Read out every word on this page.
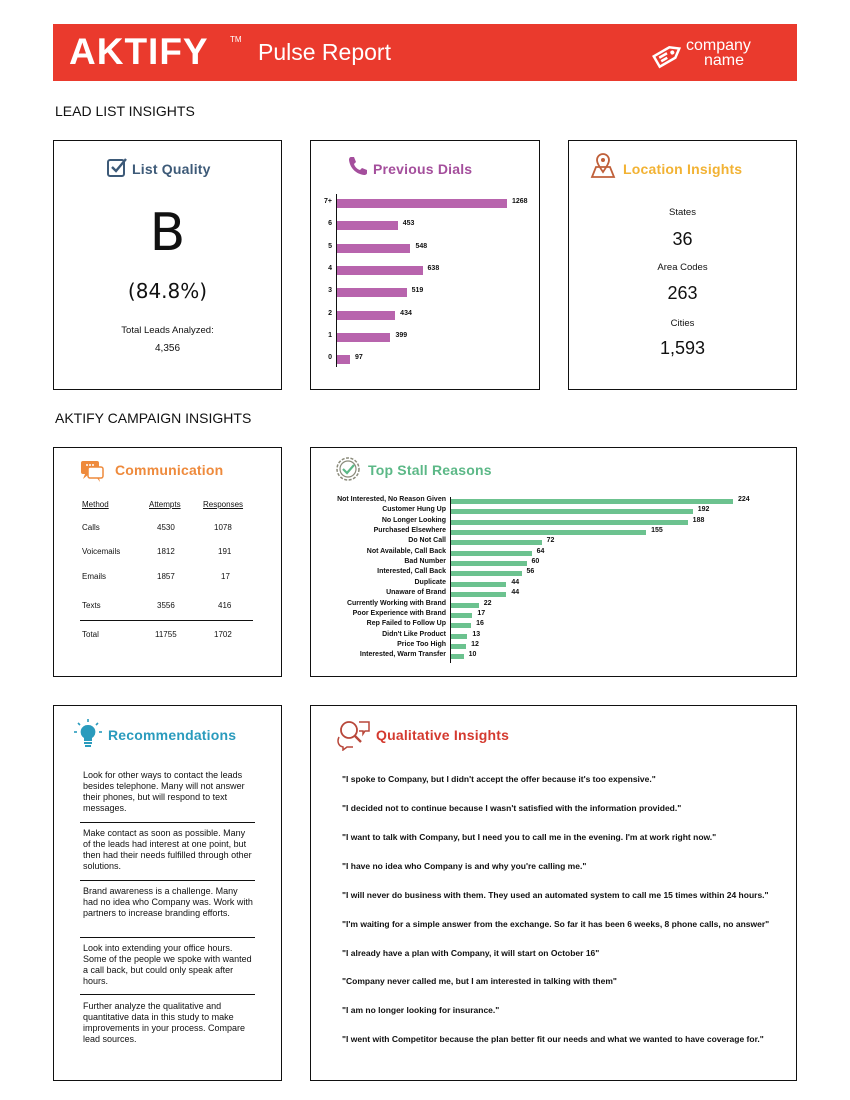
AKTIFY	TM Pulse Report	company
name
LEAD LIST INSIGHTS
List Quality
B
(84.8%)
Total Leads Analyzed:
4,356
Previous Dials
7+	1268
6	453
5	548
4	638
3	519
2	434
1	399
0	97
Location Insights
States
36
Area Codes
263
Cities
1,593
AKTIFY CAMPAIGN INSIGHTS
Communication
Method	Attempts	Responses
Calls	4530	1078
Voicemails	1812	191
Emails	1857	17
Texts	3556	416
Total	11755	1702
Top Stall Reasons
Not Interested, No Reason Given	224
Customer Hung Up	192
No Longer Looking	188
Purchased Elsewhere	155
Do Not Call	72
Not Available, Call Back	64
Bad Number	60
Interested, Call Back	56
Duplicate	44
Unaware of Brand	44
Currently Working with Brand	22
Poor Experience with Brand	17
Rep Failed to Follow Up	16
Didn't Like Product	13
Price Too High	12
Interested, Warm Transfer	10
Recommendations
Look for other ways to contact the leads besides telephone. Many will not answer their phones, but will respond to text messages.
Make contact as soon as possible. Many of the leads had interest at one point, but then had their needs fulfilled through other solutions.
Brand awareness is a challenge. Many had no idea who Company was. Work with partners to increase branding efforts.
Look into extending your office hours. Some of the people we spoke with wanted a call back, but could only speak after hours.
Further analyze the qualitative and quantitative data in this study to make improvements in your process. Compare lead sources.
Qualitative Insights
"I spoke to Company, but I didn't accept the offer because it's too expensive."
"I decided not to continue because I wasn't satisfied with the information provided."
"I want to talk with Company, but I need you to call me in the evening. I'm at work right now."
"I have no idea who Company is and why you're calling me."
"I will never do business with them. They used an automated system to call me 15 times within 24 hours."
"I'm waiting for a simple answer from the exchange. So far it has been 6 weeks, 8 phone calls, no answer"
"I already have a plan with Company, it will start on October 16"
"Company never called me, but I am interested in talking with them"
"I am no longer looking for insurance."
"I went with Competitor because the plan better fit our needs and what we wanted to have coverage for."
